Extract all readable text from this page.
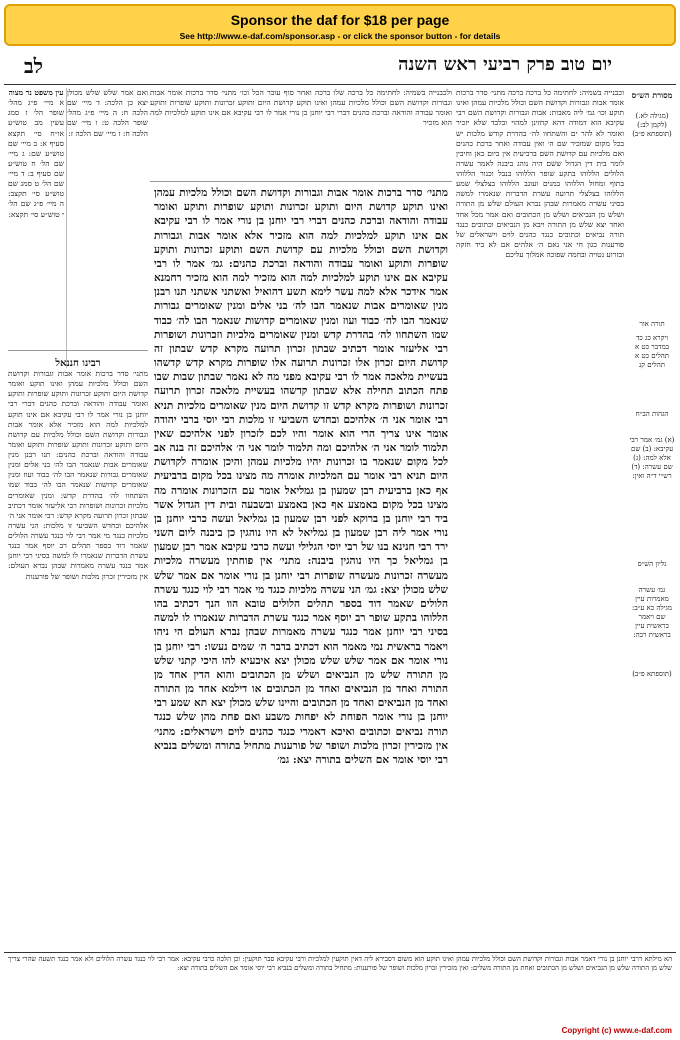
Sponsor the daf for $18 per page
See http://www.e-daf.com/sponsor.asp - or click the sponsor button - for details
לב	יום טוב פרק רביעי ראש השנה
מסורת הש״ס
(מגילה לא.) (לקמן לב:) (תוספתא פ״ב)
תורה אור
ויקרא כג כד במדבר כט א תהלים כט א תהלים קנ
הגהות הב״ח
(א) גמ׳ אמר רבי עקיבא: (ב) שם אלא למה: (ג) שם עשרה: (ד) רש״י ד״ה ואין:
גליון הש״ס
גמ׳ עשרה מאמרות עיין מגילה כא ע״ב: שם ויאמר בראשית עיין בראשית רבה:
(תוספתא פ״ב)

וכבנייה בשמיה: לחתימה כל ברכה ברכה מתני׳ סדר ברכות אומר אבות וגבורות וקדושת השם וכולל מלכיות עמהן ואינו תוקע וכו׳ גמ׳ ליה מאבות: אבות וגבורות וקדושת השם רבי עקיבא הוא דמודה דהא קחזינן למהוי ובלבד שלא יזכיר ואומר לא להר ים והשתחוו לה׳ בהדרת קודש מלכות יש בכל מקום שמזכיר שם ה׳ ואין עבודה ואחר ברכת כהנים ואם מלכיות עם קדושת השם ברביעית אין ביום כאן וחיבין לומר בית דין הגדול ששם היה נוהג ביבנה לאמר עשרה הלולים הללוהו בתקע שופר הללוהו בנבל וכנור הללוהו בתוף ומחול הללוהו במנים ועוגב הללוהו בצלצלי שמע הללוהו בצלצלי תרועה עשרת הדברות שנאמרו למשה בסיני עשרה מאמרות שבהן נברא העולם שלש מן התורה ושלש מן הנביאים ושלש מן הכתובים ואם אמר מכל אחד ואחד יצא שלש מן התורה ויבא מן הנביאים וכתובים כנגד תורה נביאים וכתובים כנגד כהנים לוים וישראלים של פורענות כגון חי אני נאם ה׳ אלהים אם לא ביד חזקה ובזרוע נטויה ובחמה שפוכה אמלוך עליכם

ולכבנייה בשמיה: לחתימה כל ברכה שלו ברכה ואחר סוף עובר הכל וכו׳ מתני׳ סדר ברכות אומר אבות וגבורות וקדושת השם וכולל מלכיות עמהן ואינו תוקע קדושת היום ותוקע זכרונות ותוקע שופרות ותוקע ואומר עבודה והודאה וברכת כהנים דברי רבי יוחנן בן נורי אמר לו רבי עקיבא אם אינו תוקע למלכיות למה הוא מזכיר

מתני׳ סדר ברכות אומר אבות וגבורות וקדושת השם וכולל מלכיות עמהן ואינו תוקע קדושת היום ותוקע זכרונות ותוקע שופרות ותוקע ואומר עבודה והודאה וברכת כהנים דברי רבי יוחנן בן נורי אמר לו רבי עקיבא אם אינו תוקע למלכיות למה הוא מזכיר אלא אומר אבות וגבורות וקדושת השם וכולל מלכיות עם קדושת השם ותוקע זכרונות ותוקע שופרות ותוקע ואומר עבודה והודאה וברכת כהנים: גמ׳ אמר לו רבי עקיבא אם אינו תוקע למלכיות למה הוא מזכיר למה הוא מזכיר רחמנא אמר אידכר אלא למה עשר לימא תשע דהואיל ואשתני אשתני תנו רבנן מנין שאומרים אבות שנאמר הבו לה׳ בני אלים ומנין שאומרים גבורות שנאמר הבו לה׳ כבוד ועוז ומנין שאומרים קדושות שנאמר הבו לה׳ כבוד שמו השתחוו לה׳ בהדרת קדש ומנין שאומרים מלכיות וזכרונות ושופרות רבי אליעזר אומר דכתיב שבתון זכרון תרועה מקרא קדש שבתון זה קדושת היום זכרון אלו זכרונות תרועה אלו שופרות מקרא קדש קדשהו בעשיית מלאכה אמר לו רבי עקיבא מפני מה לא נאמר שבתון שבות שבו פתח הכתוב תחילה אלא שבתון קדשהו בעשיית מלאכה זכרון תרועה זכרונות ושופרות מקרא קדש זו קדושת היום מנין שאומרים מלכיות תניא רבי אומר אני ה׳ אלהיכם ובחדש השביעי זו מלכות רבי יוסי ברבי יהודה אומר אינו צריך הרי הוא אומר והיו לכם לזכרון לפני אלהיכם שאין תלמוד לומר אני ה׳ אלהיכם ומה תלמוד לומר אני ה׳ אלהיכם זה בנה אב לכל מקום שנאמר בו זכרונות יהיו מלכיות עמהן והיכן אומרה לקדושת היום תניא רבי אומר עם המלכיות אומרה מה מצינו בכל מקום ברביעית אף כאן ברביעית רבן שמעון בן גמליאל אומר עם הזכרונות אומרה מה מצינו בכל מקום באמצע אף כאן באמצע ובשבעה ובית דין הגדול אשר ביד רבי יוחנן בן ברוקא לפני רבן שמעון בן גמליאל ועשה כרבי יוחנן בן נורי אמר ליה רבן שמעון בן גמליאל לא היו נוהגין כן ביבנה ליום השני ירד רבי חנינא בנו של רבי יוסי הגלילי ועשה כרבי עקיבא אמר רבן שמעון בן גמליאל כך היו נוהגין ביבנה: מתני׳ אין פוחתין מעשרה מלכיות מעשרה זכרונות מעשרה שופרות רבי יוחנן בן נורי אומר אם אמר שלש שלש מכולן יצא: גמ׳ הני עשרה מלכיות כנגד מי אמר רבי לוי כנגד עשרה הלולים שאמר דוד בספר תהלים הלולים טובא הוו הנך דכתיב בהו הללוהו בתקע שופר רב יוסף אמר כנגד עשרת הדברות שנאמרו לו למשה בסיני רבי יוחנן אמר כנגד עשרה מאמרות שבהן נברא העולם הי ניהו ויאמר בראשית נמי מאמר הוא דכתיב בדבר ה׳ שמים נעשו: רבי יוחנן בן נורי אומר אם אמר שלש שלש מכולן יצא איבעיא להו היכי קתני שלש מן התורה שלש מן הנביאים ושלש מן הכתובים והוא הדין אחד מן התורה ואחד מן הנביאים ואחד מן הכתובים או דילמא אחד מן התורה ואחד מן הנביאים ואחד מן הכתובים והיינו שלש מכולן יצא תא שמע רבי יוחנן בן נורי אומר הפוחת לא יפחות משבע ואם פחת מהן שלש כנגד תורה נביאים וכתובים ואיכא דאמרי כנגד כהנים לוים וישראלים: מתני׳ אין מזכירין זכרון מלכות ושופר של פורענות מתחיל בתורה ומשלים בנביא רבי יוסי אומר אם השלים בתורה יצא: גמ׳

עין משפט נר מצוה

א מיי׳ פ״ג מהל׳ שופר הל׳ ז סמג עשין מב טוש״ע או״ח סי׳ תקצא סעיף א: ב מיי׳ שם טוש״ע שם: ג מיי׳ שם הל׳ ח טוש״ע שם סעיף ב: ד מיי׳ שם הל׳ ט סמג שם טוש״ע סי׳ תקצב: ה מיי׳ פ״ג שם הל׳ י טוש״ע סי׳ תקצא:

ואם אמר שלש שלש מכולן יצא כן הלכה: ד מיי׳ שם הלכה ח: ה מיי׳ פ״ג מהל׳ שופר הלכה ט: ו מיי׳ שם הלכה ח: ז מיי׳ שם הלכה ז:

רבינו חננאל

מתני׳ סדר ברכות אומר אבות וגבורות וקדושת השם וכולל מלכיות עמהן ואינו תוקע ואומר קדושת היום ותוקע זכרונות ותוקע שופרות ותוקע ואומר עבודה והודאה וברכת כהנים דברי רבי יוחנן בן נורי אמר לו רבי עקיבא אם אינו תוקע למלכיות למה הוא מזכיר אלא אומר אבות וגבורות וקדושת השם וכולל מלכיות עם קדושת היום ותוקע זכרונות ותוקע שופרות ותוקע ואומר עבודה והודאה וברכת כהנים: תנו רבנן מנין שאומרים אבות שנאמר הבו לה׳ בני אלים ומנין שאומרים גבורות שנאמר הבו לה׳ כבוד ועוז ומנין שאומרים קדושות שנאמר הבו לה׳ כבוד שמו השתחוו לה׳ בהדרת קדש: ומנין שאומרים מלכיות זכרונות ושופרות רבי אליעזר אומר דכתיב שבתון זכרון תרועה מקרא קדש: רבי אומר אני ה׳ אלהיכם ובחדש השביעי זו מלכות: הני עשרה מלכיות כנגד מי אמר רבי לוי כנגד עשרה הלולים שאמר דוד בספר תהלים רב יוסף אמר כנגד עשרת הדברות שנאמרו לו למשה בסיני רבי יוחנן אמר כנגד עשרה מאמרות שבהן נברא העולם: אין מזכירין זכרון מלכות ושופר של פורענות

הא מילתא דרבי יוחנן בן נורי דאמר אבות וגבורות וקדושת השם וכולל מלכיות עמהן ואינו תוקע הוא משום דסבירא ליה דאין תוקעין למלכיות ורבי עקיבא סבר תוקעין: וכן הלכה כרבי עקיבא: אמר רבי לוי כנגד עשרה הלולים ולא אמר כנגד תשעה שהרי צריך שלש מן התורה שלש מן הנביאים ושלש מן הכתובים ואחת מן התורה משלים: ואין מזכירין זכרון מלכות ושופר של פורענות: מתחיל בתורה ומשלים בנביא רבי יוסי אומר אם השלים בתורה יצא:

Copyright (c) www.e-daf.com
